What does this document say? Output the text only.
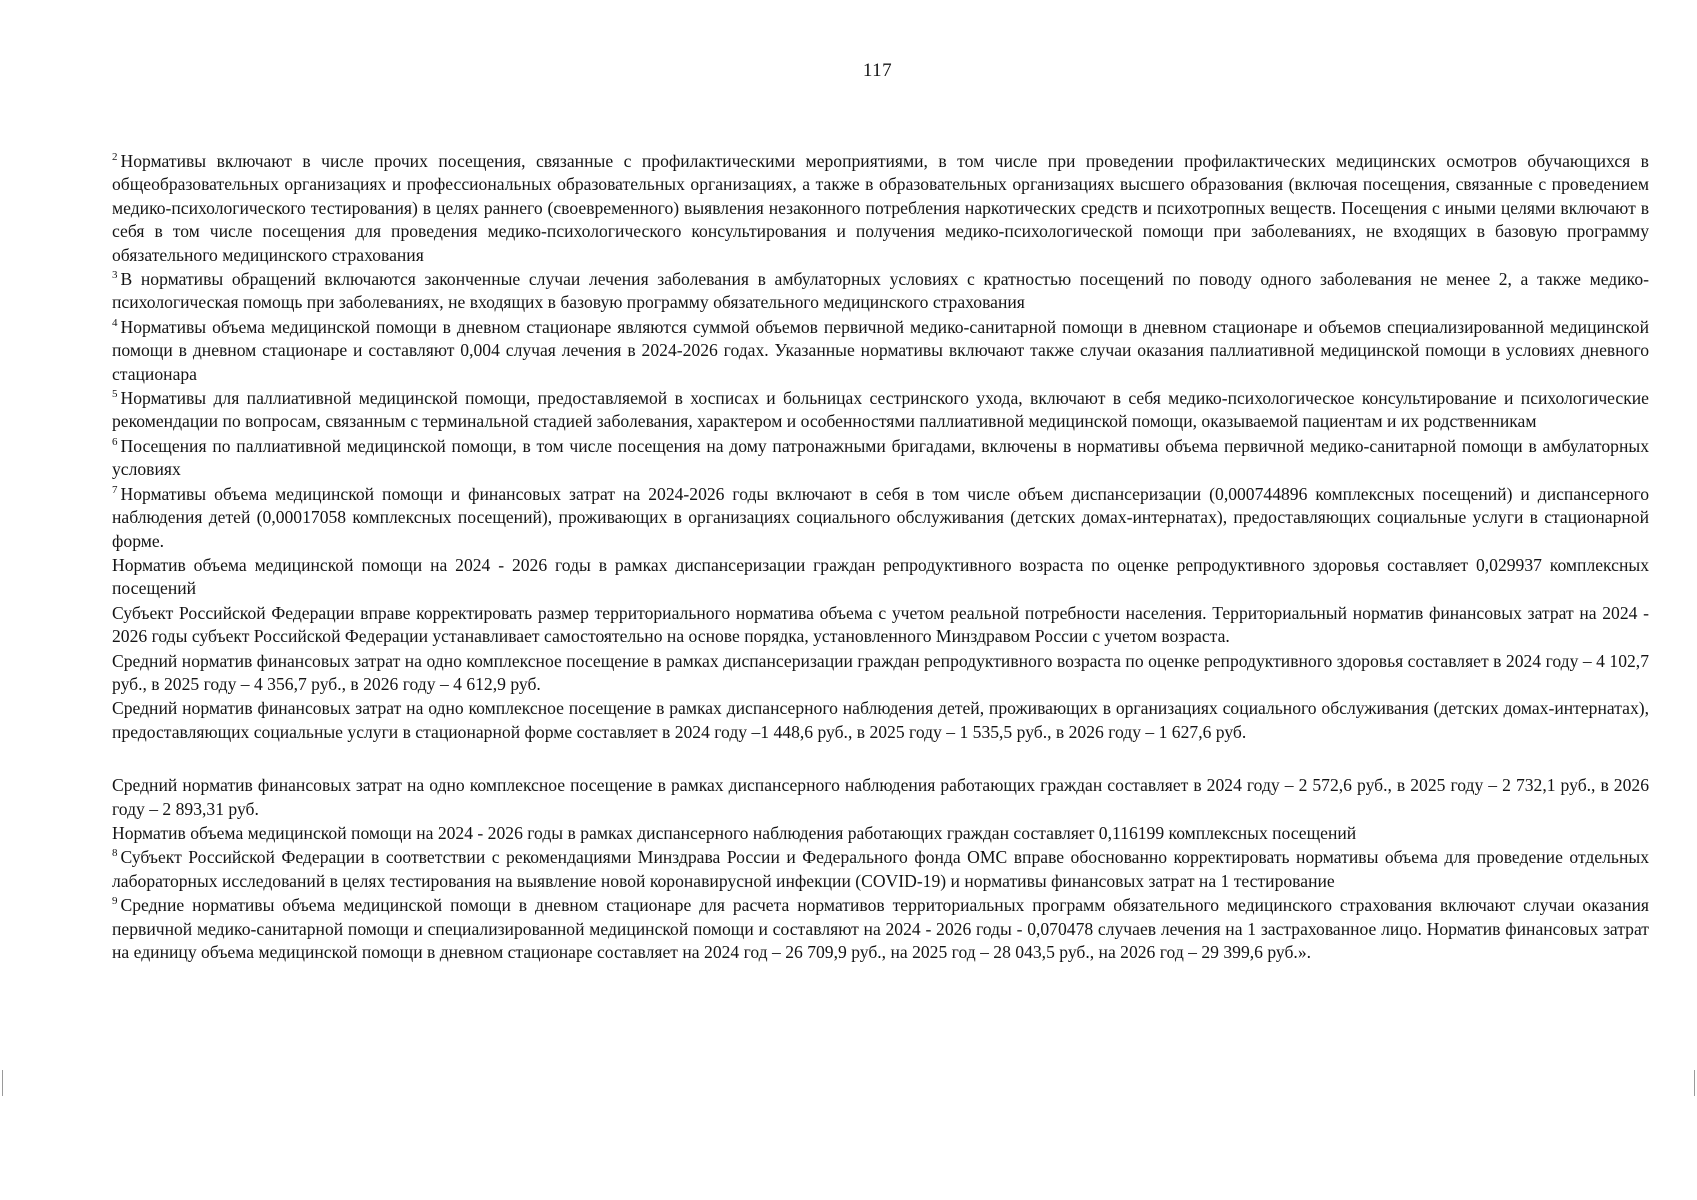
117

$^2$ Нормативы включают в числе прочих посещения, связанные с профилактическими мероприятиями, в том числе при проведении профилактических медицинских осмотров обучающихся в общеобразовательных организациях и профессиональных образовательных организациях, а также в образовательных организациях высшего образования (включая посещения, связанные с проведением медико-психологического тестирования) в целях раннего (своевременного) выявления незаконного потребления наркотических средств и психотропных веществ. Посещения с иными целями включают в себя в том числе посещения для проведения медико-психологического консультирования и получения медико-психологической помощи при заболеваниях, не входящих в базовую программу обязательного медицинского страхования

$^3$ В нормативы обращений включаются законченные случаи лечения заболевания в амбулаторных условиях с кратностью посещений по поводу одного заболевания не менее 2, а также медико-психологическая помощь при заболеваниях, не входящих в базовую программу обязательного медицинского страхования

$^4$ Нормативы объема медицинской помощи в дневном стационаре являются суммой объемов первичной медико-санитарной помощи в дневном стационаре и объемов специализированной медицинской помощи в дневном стационаре и составляют 0,004 случая лечения в 2024-2026 годах. Указанные нормативы включают также случаи оказания паллиативной медицинской помощи в условиях дневного стационара

$^5$ Нормативы для паллиативной медицинской помощи, предоставляемой в хосписах и больницах сестринского ухода, включают в себя медико-психологическое консультирование и психологические рекомендации по вопросам, связанным с терминальной стадией заболевания, характером и особенностями паллиативной медицинской помощи, оказываемой пациентам и их родственникам

$^6$ Посещения по паллиативной медицинской помощи, в том числе посещения на дому патронажными бригадами, включены в нормативы объема первичной медико-санитарной помощи в амбулаторных условиях

$^7$ Нормативы объема медицинской помощи и финансовых затрат на 2024-2026 годы включают в себя в том числе объем диспансеризации (0,000744896 комплексных посещений) и диспансерного наблюдения детей (0,00017058 комплексных посещений), проживающих в организациях социального обслуживания (детских домах-интернатах), предоставляющих социальные услуги в стационарной форме.

Норматив объема медицинской помощи на 2024 - 2026 годы в рамках диспансеризации граждан репродуктивного возраста по оценке репродуктивного здоровья составляет 0,029937 комплексных посещений

Субъект Российской Федерации вправе корректировать размер территориального норматива объема с учетом реальной потребности населения. Территориальный норматив финансовых затрат на 2024 - 2026 годы субъект Российской Федерации устанавливает самостоятельно на основе порядка, установленного Минздравом России с учетом возраста.

Средний норматив финансовых затрат на одно комплексное посещение в рамках диспансеризации граждан репродуктивного возраста по оценке репродуктивного здоровья составляет в 2024 году – 4 102,7 руб., в 2025 году – 4 356,7 руб., в 2026 году – 4 612,9 руб.

Средний норматив финансовых затрат на одно комплексное посещение в рамках диспансерного наблюдения детей, проживающих в организациях социального обслуживания (детских домах-интернатах), предоставляющих социальные услуги в стационарной форме составляет в 2024 году –1 448,6 руб., в 2025 году – 1 535,5 руб., в 2026 году – 1 627,6 руб.

Средний норматив финансовых затрат на одно комплексное посещение в рамках диспансерного наблюдения работающих граждан составляет в 2024 году – 2 572,6 руб., в 2025 году – 2 732,1 руб., в 2026 году – 2 893,31 руб.

Норматив объема медицинской помощи на 2024 - 2026 годы в рамках диспансерного наблюдения работающих граждан составляет 0,116199 комплексных посещений

$^8$ Субъект Российской Федерации в соответствии с рекомендациями Минздрава России и Федерального фонда ОМС вправе обоснованно корректировать нормативы объема для проведение отдельных лабораторных исследований в целях тестирования на выявление новой коронавирусной инфекции (COVID-19) и нормативы финансовых затрат на 1 тестирование

$^9$ Средние нормативы объема медицинской помощи в дневном стационаре для расчета нормативов территориальных программ обязательного медицинского страхования включают случаи оказания первичной медико-санитарной помощи и специализированной медицинской помощи и составляют на 2024 - 2026 годы - 0,070478 случаев лечения на 1 застрахованное лицо. Норматив финансовых затрат на единицу объема медицинской помощи в дневном стационаре составляет на 2024 год – 26 709,9 руб., на 2025 год – 28 043,5 руб., на 2026 год – 29 399,6 руб.».
